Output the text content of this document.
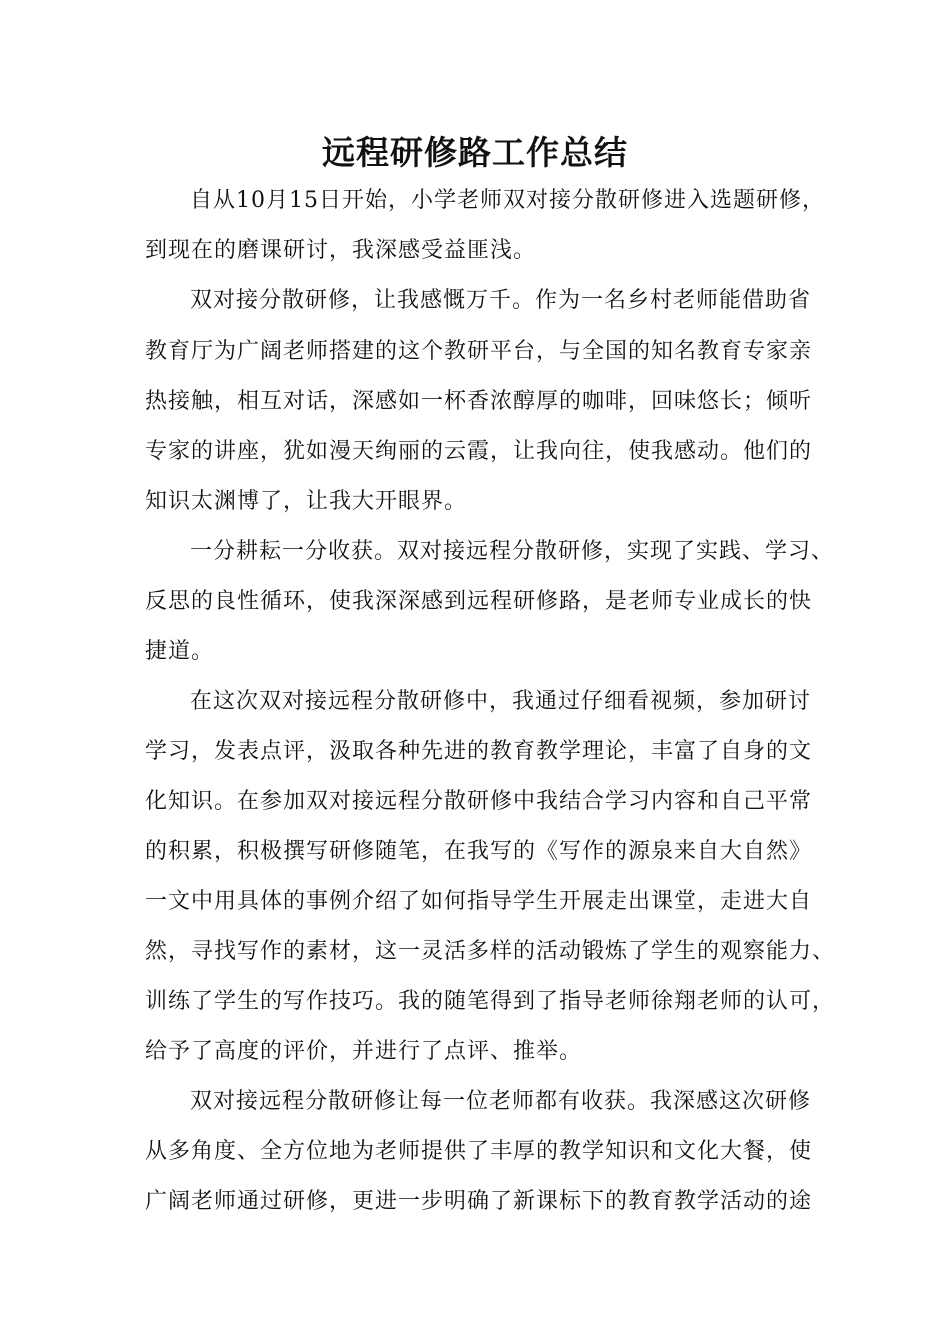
远程研修路工作总结
自从10月15日开始，小学老师双对接分散研修进入选题研修，
到现在的磨课研讨，我深感受益匪浅。
双对接分散研修，让我感慨万千。作为一名乡村老师能借助省
教育厅为广阔老师搭建的这个教研平台，与全国的知名教育专家亲
热接触，相互对话，深感如一杯香浓醇厚的咖啡，回味悠长；倾听
专家的讲座，犹如漫天绚丽的云霞，让我向往，使我感动。他们的
知识太渊博了，让我大开眼界。
一分耕耘一分收获。双对接远程分散研修，实现了实践、学习、
反思的良性循环，使我深深感到远程研修路，是老师专业成长的快
捷道。
在这次双对接远程分散研修中，我通过仔细看视频，参加研讨
学习，发表点评，汲取各种先进的教育教学理论，丰富了自身的文
化知识。在参加双对接远程分散研修中我结合学习内容和自己平常
的积累，积极撰写研修随笔，在我写的《写作的源泉来自大自然》
一文中用具体的事例介绍了如何指导学生开展走出课堂，走进大自
然，寻找写作的素材，这一灵活多样的活动锻炼了学生的观察能力、
训练了学生的写作技巧。我的随笔得到了指导老师徐翔老师的认可，
给予了高度的评价，并进行了点评、推举。
双对接远程分散研修让每一位老师都有收获。我深感这次研修
从多角度、全方位地为老师提供了丰厚的教学知识和文化大餐，使
广阔老师通过研修，更进一步明确了新课标下的教育教学活动的途
